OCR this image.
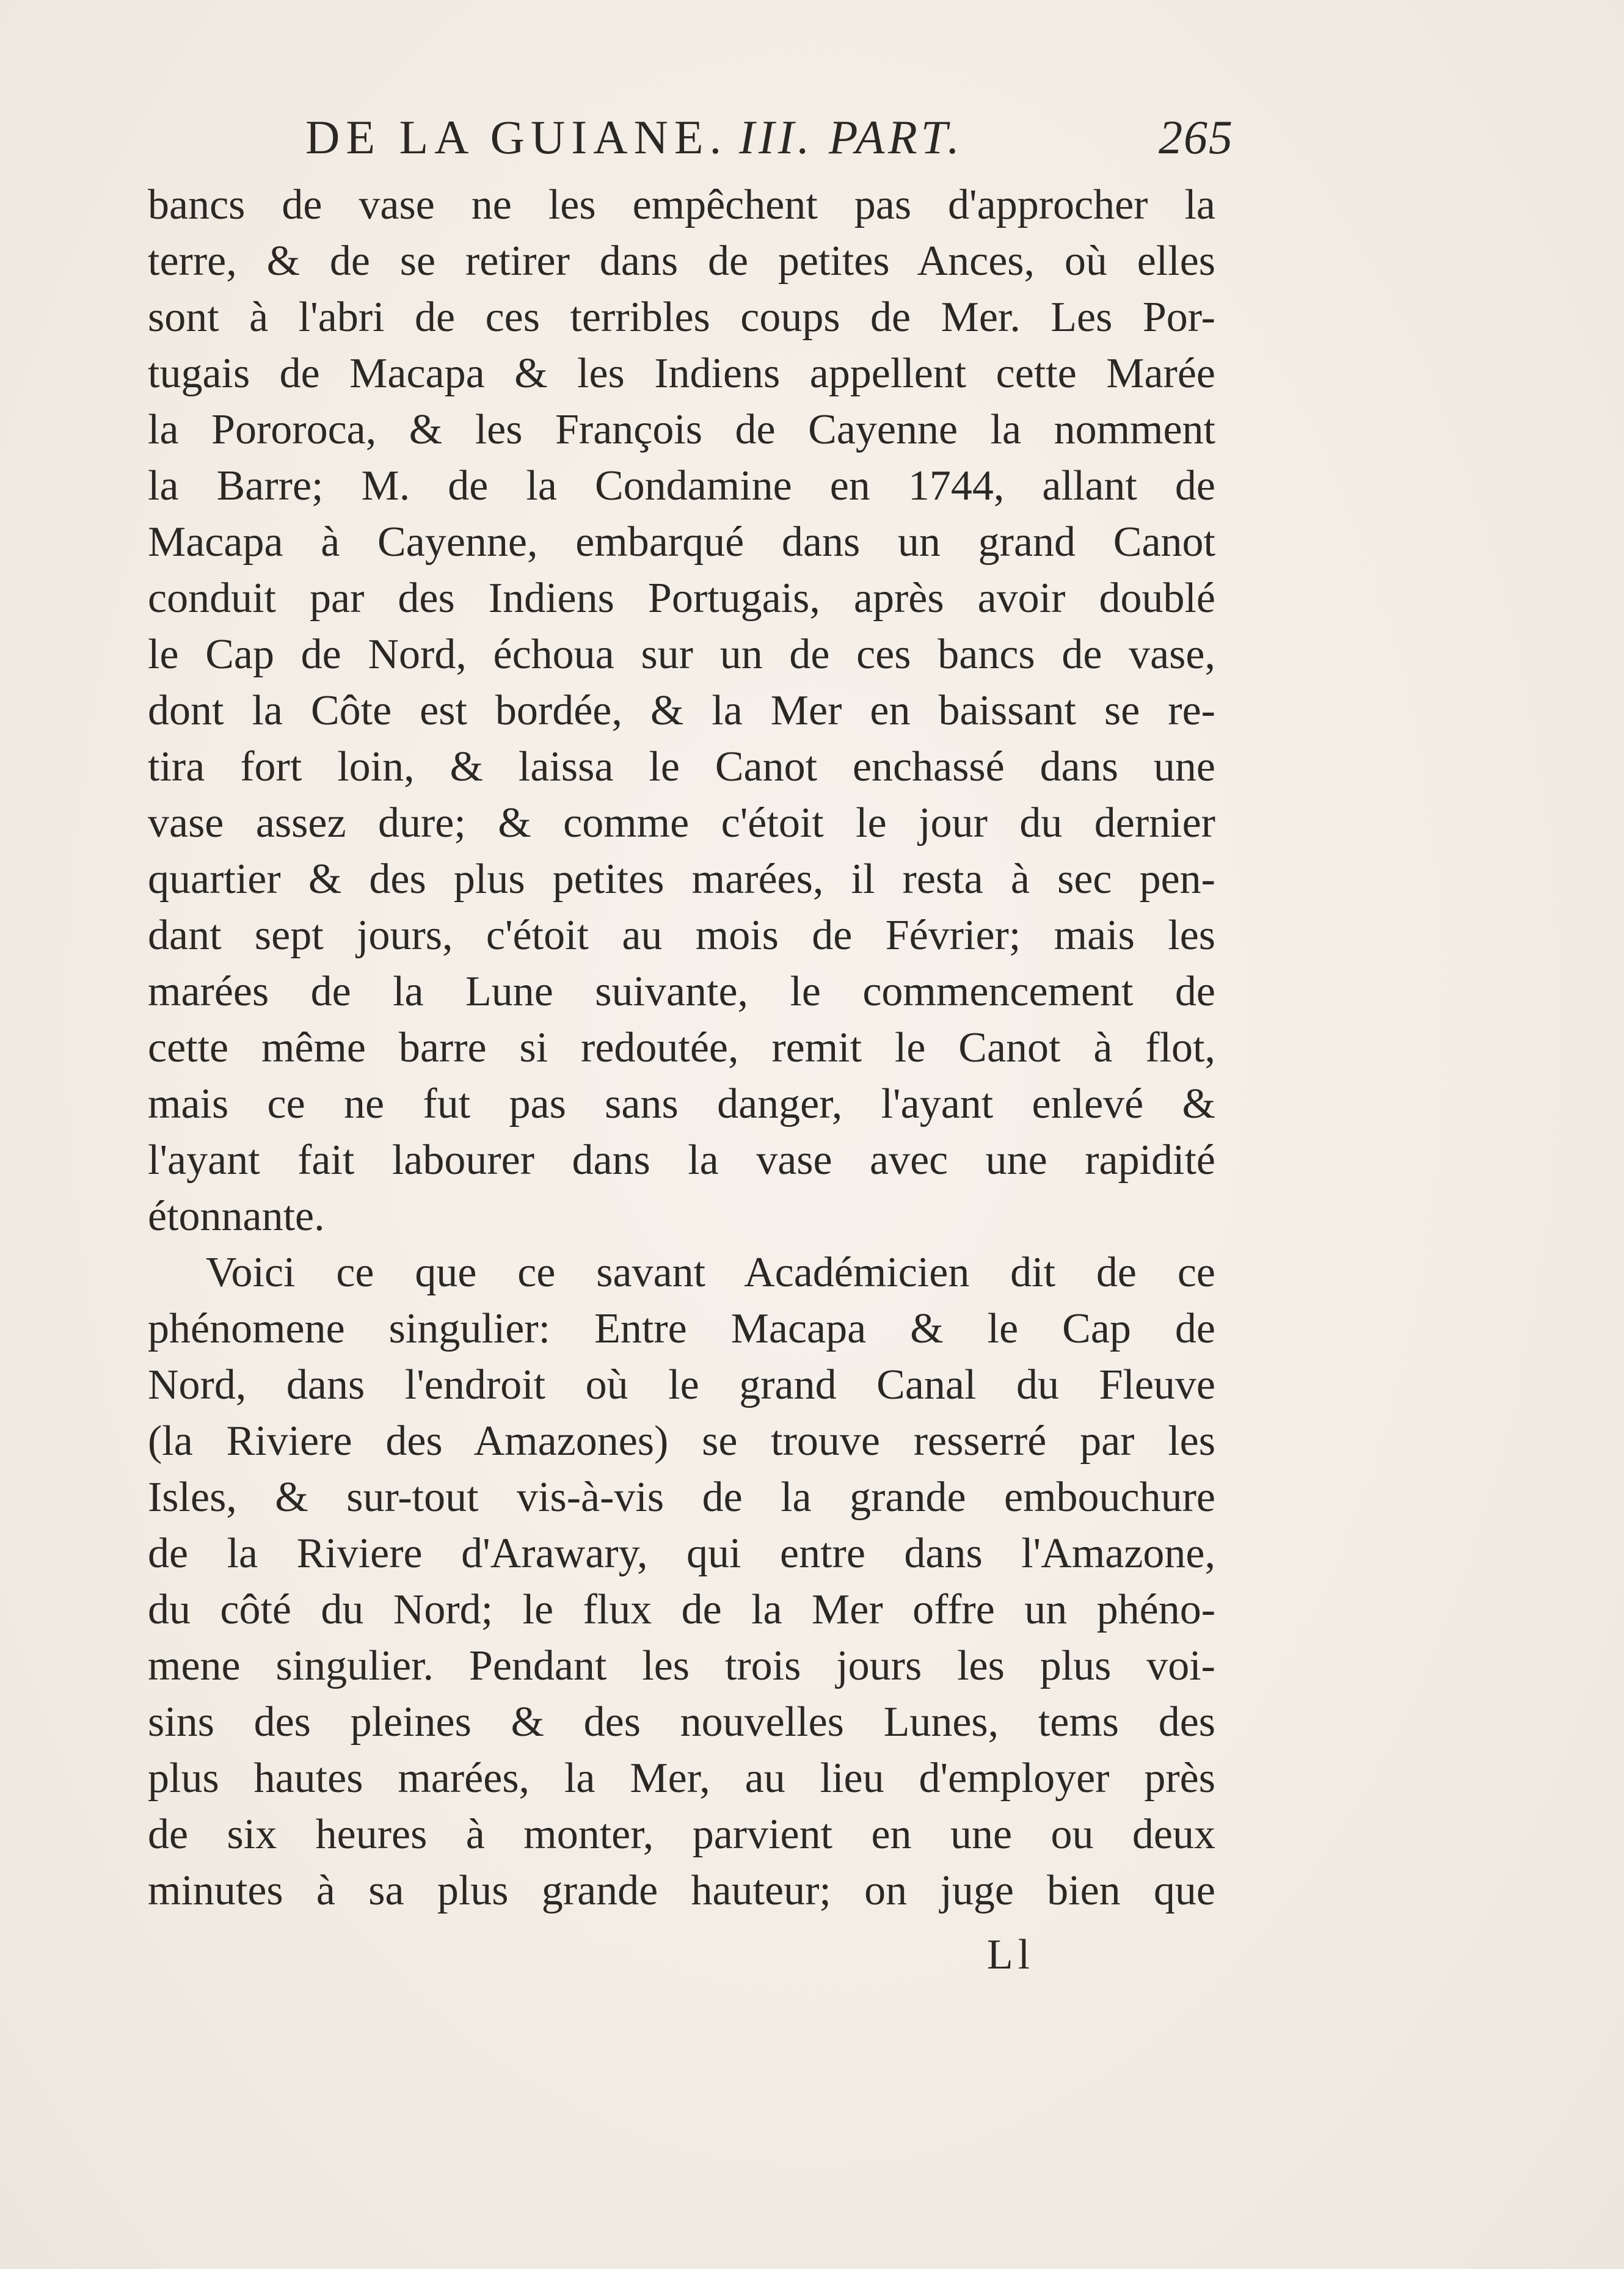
DE LA GUIANE. III. PART.	265
bancs de vase ne les empêchent pas d'approcher la
terre, & de se retirer dans de petites Ances, où elles
sont à l'abri de ces terribles coups de Mer. Les Por-
tugais de Macapa & les Indiens appellent cette Marée
la Pororoca, & les François de Cayenne la nomment
la Barre; M. de la Condamine en 1744, allant de
Macapa à Cayenne, embarqué dans un grand Canot
conduit par des Indiens Portugais, après avoir doublé
le Cap de Nord, échoua sur un de ces bancs de vase,
dont la Côte est bordée, & la Mer en baissant se re-
tira fort loin, & laissa le Canot enchassé dans une
vase assez dure; & comme c'étoit le jour du dernier
quartier & des plus petites marées, il resta à sec pen-
dant sept jours, c'étoit au mois de Février; mais les
marées de la Lune suivante, le commencement de
cette même barre si redoutée, remit le Canot à flot,
mais ce ne fut pas sans danger, l'ayant enlevé &
l'ayant fait labourer dans la vase avec une rapidité
étonnante.
Voici ce que ce savant Académicien dit de ce
phénomene singulier: Entre Macapa & le Cap de
Nord, dans l'endroit où le grand Canal du Fleuve
(la Riviere des Amazones) se trouve resserré par les
Isles, & sur-tout vis-à-vis de la grande embouchure
de la Riviere d'Arawary, qui entre dans l'Amazone,
du côté du Nord; le flux de la Mer offre un phéno-
mene singulier. Pendant les trois jours les plus voi-
sins des pleines & des nouvelles Lunes, tems des
plus hautes marées, la Mer, au lieu d'employer près
de six heures à monter, parvient en une ou deux
minutes à sa plus grande hauteur; on juge bien que
Ll
